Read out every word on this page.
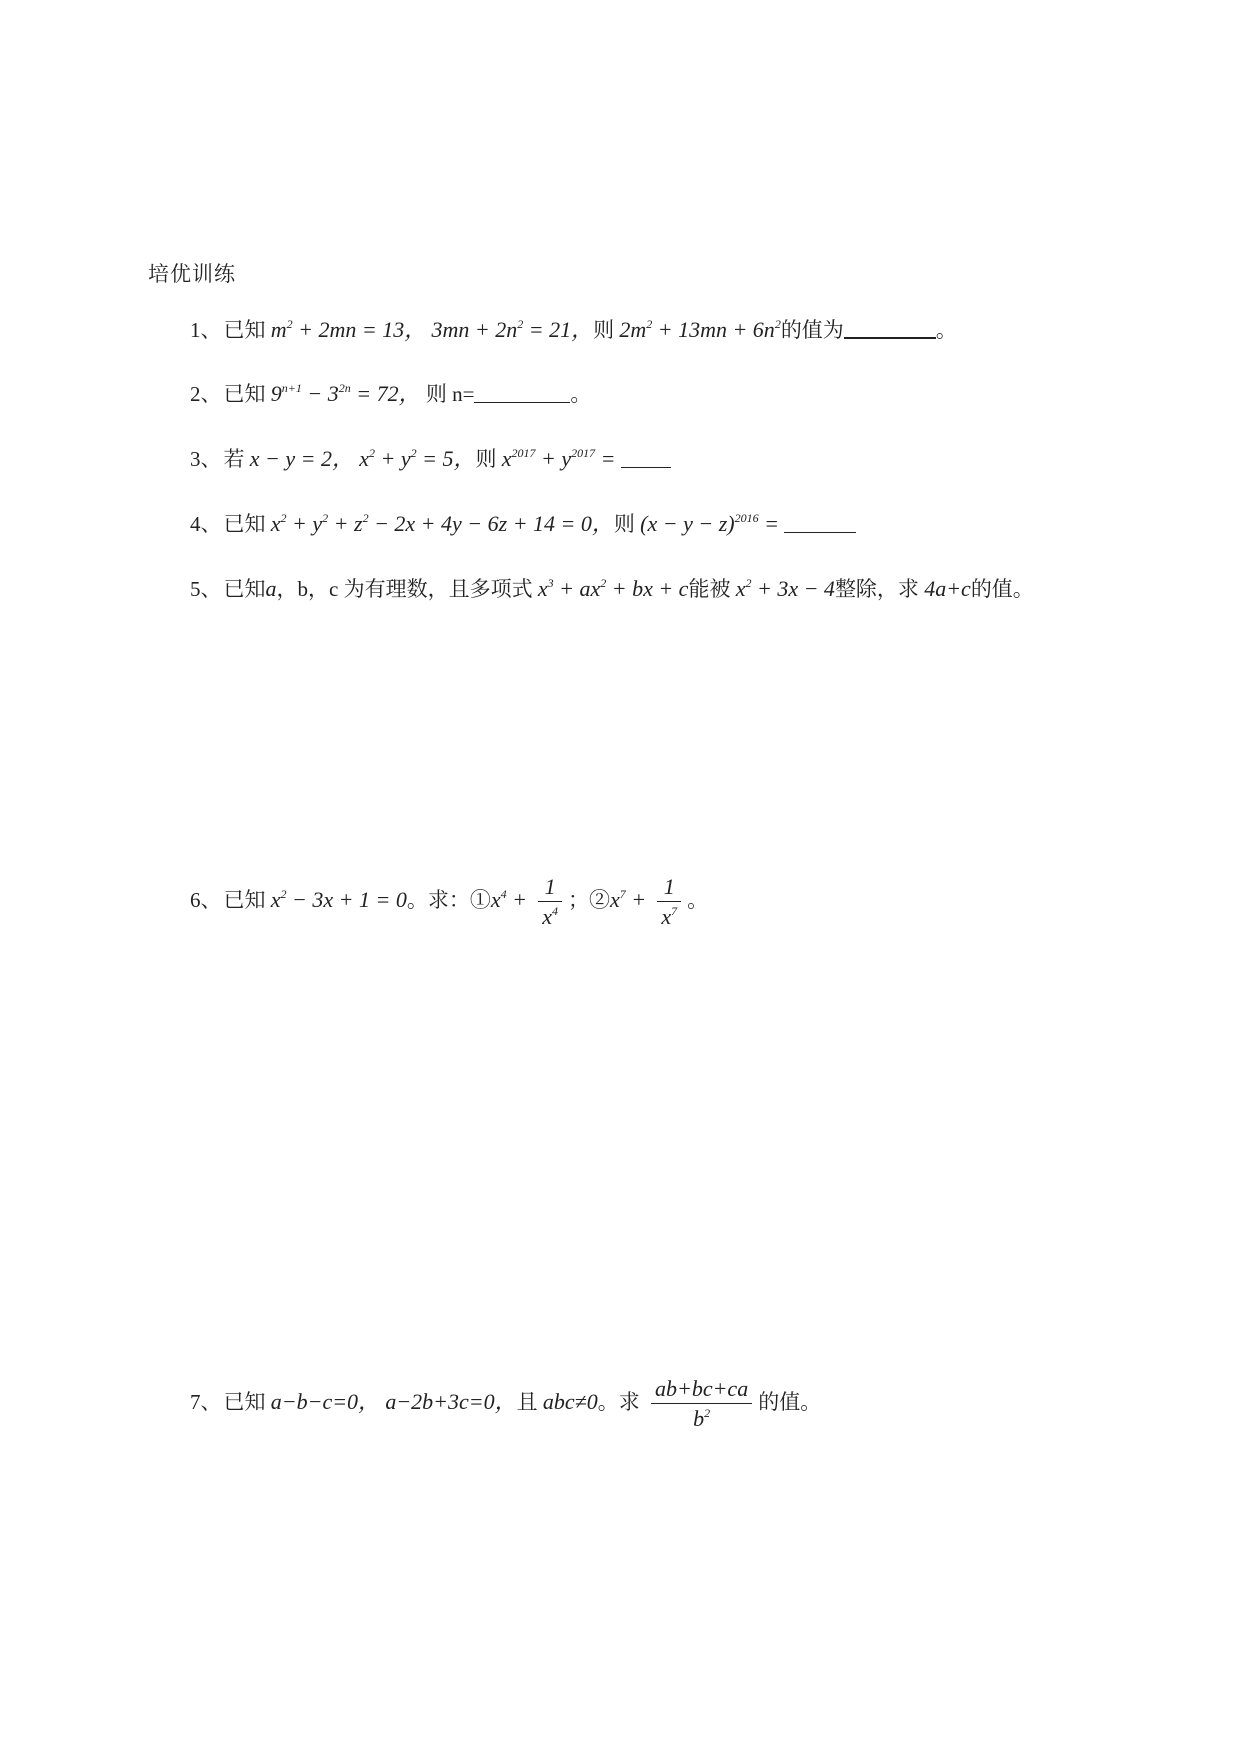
培优训练
1、已知 $m^2 + 2mn = 13$， $3mn + 2n^2 = 21$，则 $2m^2 + 13mn + 6n^2$的值为	。
2、已知 $9^{n+1} - 3^{2n} = 72$， 则 n=	。
3、若 x − y = 2， $x^2 + y^2 = 5$，则 $x^{2017} + y^{2017}$ =
4、已知 $x^2 + y^2 + z^2 - 2x + 4y - 6z + 14 = 0$，则 $(x - y - z)^{2016}$ =
5、已知a，b，c 为有理数，且多项式 $x^3 + ax^2$ + bx + c能被 $x^2 + 3x - 4$整除，求 4a+c的值。
6、已知 $x^2 - 3x + 1 = 0$。求：$①x^4 + \frac{1}{x^4}$ ；$②x^7 + \frac{1}{x^7}$ 。
7、已知 a−b−c=0， a−2b+3c=0，且 abc≠0。求 $\frac{ab+bc+ca}{b^2}$ 的值。
